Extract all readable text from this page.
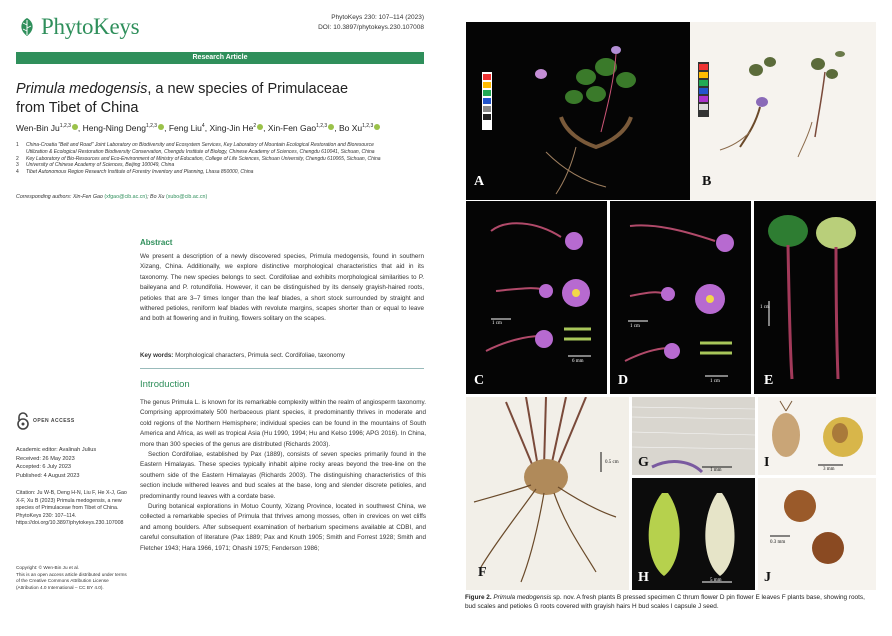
PhytoKeys	PhytoKeys 230: 107–114 (2023)
DOI: 10.3897/phytokeys.230.107008
Research Article
Primula medogensis, a new species of Primulaceae
from Tibet of China
Wen-Bin Ju$^{1,2,3}$ , Heng-Ning Deng$^{1,2,3}$ , Feng Liu$^4$, Xing-Jin He$^2$ , Xin-Fen Gao$^{1,2,3}$ , Bo Xu$^{1,2,3}$
1 China-Croatia "Belt and Road" Joint Laboratory on Biodiversity and Ecosystem Services, Key Laboratory of Mountain Ecological Restoration and Bioresource
Utilization & Ecological Restoration Biodiversity Conservation, Chengdu Institute of Biology, Chinese Academy of Sciences, Chengdu 610041, Sichuan, China
2 Key Laboratory of Bio-Resources and Eco-Environment of Ministry of Education, College of Life Sciences, Sichuan University, Chengdu 610065, Sichuan, China
3 University of Chinese Academy of Sciences, Beijing 100049, China
4 Tibet Autonomous Region Research Institute of Forestry Inventory and Planning, Lhasa 850000, China
Corresponding authors: Xin-Fen Gao (xfgao@cib.ac.cn); Bo Xu (xubo@cib.ac.cn)
Abstract
We present a description of a newly discovered species, Primula medogensis, found in southern Xizang, China. Additionally, we explore distinctive morphological characteristics that aid in its taxonomy. The new species belongs to sect. Cordifoliae and exhibits morphological similarities to P. baileyana and P. rotundifolia. However, it can be distinguished by its densely grayish-haired roots, petioles that are 3–7 times longer than the leaf blades, a short stock surrounded by straight and withered petioles, reniform leaf blades with revolute margins, scapes shorter than or equal to leave and both at flowering and in fruiting, flowers solitary on the scapes.
Key words: Morphological characters, Primula sect. Cordifoliae, taxonomy
Introduction

The genus Primula L. is known for its remarkable complexity within the realm of angiosperm taxonomy. Comprising approximately 500 herbaceous plant species, it predominantly thrives in moderate and cold regions of the Northern Hemisphere; individual species can be found in the mountains of South America and Africa, as well as tropical Asia (Hu 1990, 1994; Hu and Kelso 1996; APG 2016). In China, more than 300 species of the genus are distributed (Richards 2003).

Section Cordifoliae, established by Pax (1889), consists of seven species primarily found in the Eastern Himalayas. These species typically inhabit alpine rocky areas beyond the tree-line on the southern side of the Eastern Himalayas (Richards 2003). The distinguishing characteristics of this section include withered leaves and bud scales at the base, long and slender discrete petioles, and predominantly round leaves with a cordate base.

During botanical explorations in Motuo County, Xizang Province, located in southwest China, we collected a remarkable species of Primula that thrives among mosses, often in crevices on wet cliffs and among boulders. After subsequent examination of herbarium specimens available at CDBI, and careful consultation of literature (Pax 1889; Pax and Knuth 1905; Smith and Forrest 1928; Smith and Fletcher 1943; Hara 1966, 1971; Ohashi 1975; Fenderson 1986;

OPEN ACCESS
Academic editor: Avalinah Julius
Received: 26 May 2023
Accepted: 6 July 2023
Published: 4 August 2023
Citation: Ju W-B, Deng H-N, Liu F, He X-J, Gao X-F, Xu B (2023) Primula medogensis, a new species of Primulaceae from Tibet of China. PhytoKeys 230: 107–114. https://doi.org/10.3897/phytokeys.230.107008
Copyright: © Wen-Bin Ju et al.
This is an open access article distributed under terms of the Creative Commons Attribution License (Attribution 4.0 International – CC BY 4.0).
A	B
1 cm
6 mm
C
1 cm
1 cm
D
1 cm
E
0.5 cm
F
1 mm
G	3 mm
I
5 mm
H
0.3 mm
J
Figure 2. Primula medogensis sp. nov. A fresh plants B pressed specimen C thrum flower D pin flower E leaves F plants base, showing roots, bud scales and petioles G roots covered with grayish hairs H bud scales I capsule J seed.
